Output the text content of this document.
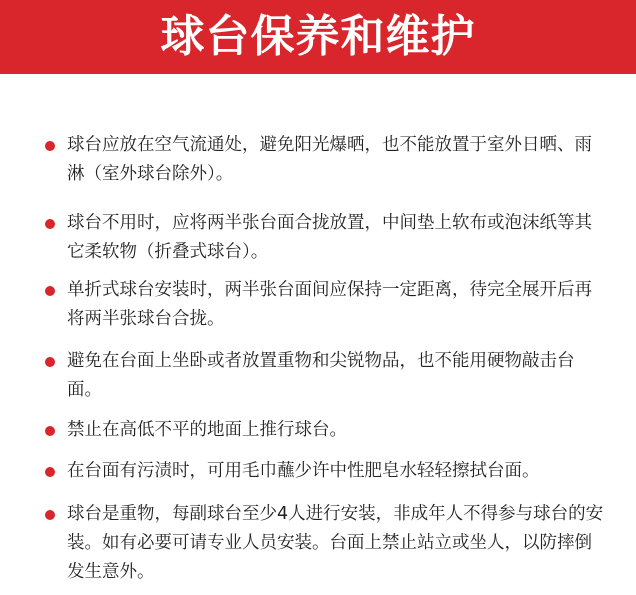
球台保养和维护
球台应放在空气流通处，避免阳光爆晒，也不能放置于室外日晒、雨淋（室外球台除外）。
球台不用时，应将两半张台面合拢放置，中间垫上软布或泡沫纸等其它柔软物（折叠式球台）。
单折式球台安装时，两半张台面间应保持一定距离，待完全展开后再将两半张球台合拢。
避免在台面上坐卧或者放置重物和尖锐物品，也不能用硬物敲击台面。
禁止在高低不平的地面上推行球台。
在台面有污渍时，可用毛巾蘸少许中性肥皂水轻轻擦拭台面。
球台是重物，每副球台至少4人进行安装，非成年人不得参与球台的安装。如有必要可请专业人员安装。台面上禁止站立或坐人，以防摔倒发生意外。
